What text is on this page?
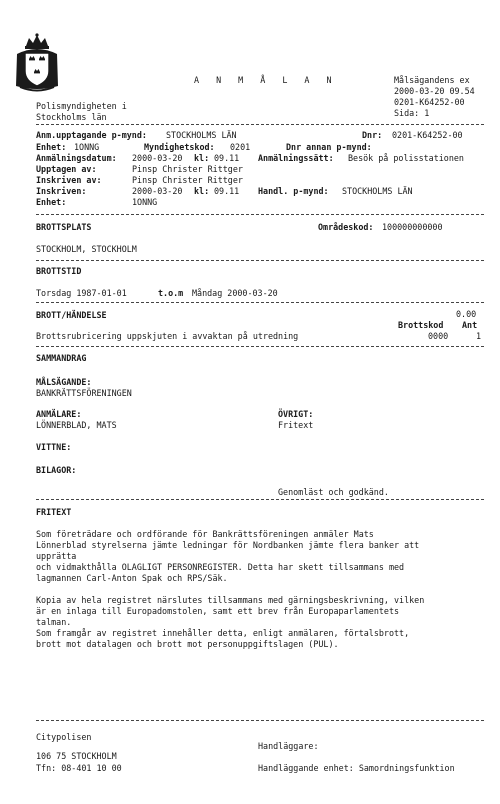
A N M Å L A N	Målsägandens ex
2000-03-20 09.54
0201-K64252-00
Sida: 1
Polismyndigheten i
Stockholms län
Anm.upptagande p-mynd: STOCKHOLMS LÄN	Dnr: 0201-K64252-00
Enhet: 1ONNG	Myndighetskod: 0201	Dnr annan p-mynd:
Anmälningsdatum: 2000-03-20 kl: 09.11 Anmälningssätt: Besök på polisstationen
Upptagen av:	Pinsp Christer Rittger
Inskriven av:	Pinsp Christer Rittger
Inskriven:	2000-03-20 kl: 09.11 Handl. p-mynd: STOCKHOLMS LÄN
Enhet:	1ONNG
BROTTSPLATS	Områdeskod: 100000000000
STOCKHOLM, STOCKHOLM
BROTTSTID
Torsdag 1987-01-01	t.o.m Måndag 2000-03-20
BROTT/HÄNDELSE	0.00
Brottskod Ant
Brottsrubricering uppskjuten i avvaktan på utredning	0000	1
SAMMANDRAG
MÅLSÄGANDE:
BANKRÄTTSFÖRENINGEN
ANMÄLARE:
LÖNNERBLAD, MATS
ÖVRIGT:
Fritext
VITTNE:
BILAGOR:
Genomläst och godkänd.
FRITEXT
Som företrädare och ordförande för Bankrättsföreningen anmäler Mats
Lönnerblad styrelserna jämte ledningar för Nordbanken jämte flera banker att
upprätta
och vidmakthålla OLAGLIGT PERSONREGISTER. Detta har skett tillsammans med
lagmannen Carl-Anton Spak och RPS/Säk.
Kopia av hela registret närslutes tillsammans med gärningsbeskrivning, vilken
är en inlaga till Europadomstolen, samt ett brev från Europaparlamentets
talman.
Som framgår av registret innehåller detta, enligt anmälaren, förtalsbrott,
brott mot datalagen och brott mot personuppgiftslagen (PUL).
Citypolisen
106 75 STOCKHOLM
Tfn: 08-401 10 00
Handläggare:
Handläggande enhet: Samordningsfunktion
